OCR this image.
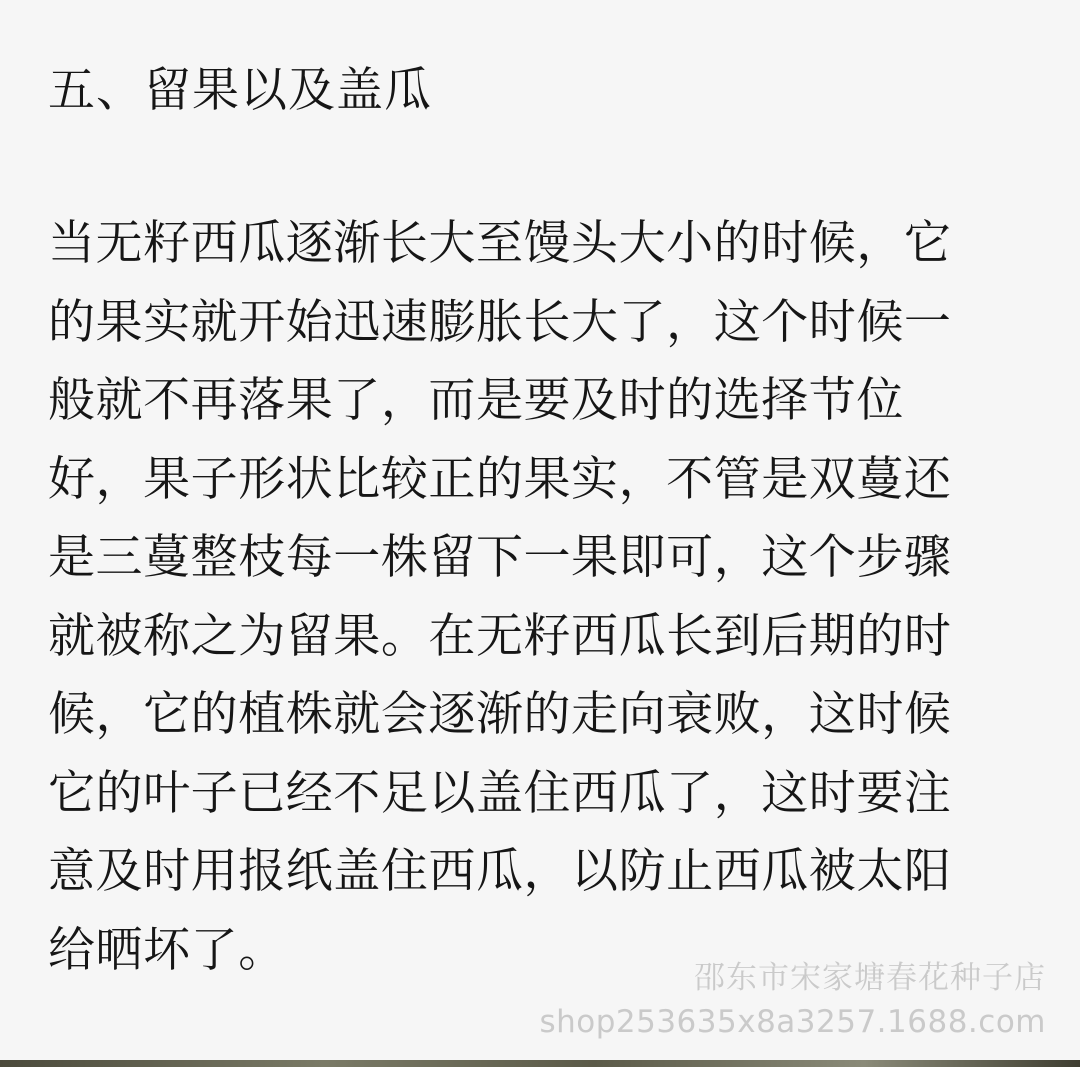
五、留果以及盖瓜
当无籽西瓜逐渐长大至馒头大小的时候，它
的果实就开始迅速膨胀长大了，这个时候一
般就不再落果了，而是要及时的选择节位
好，果子形状比较正的果实，不管是双蔓还
是三蔓整枝每一株留下一果即可，这个步骤
就被称之为留果。在无籽西瓜长到后期的时
候，它的植株就会逐渐的走向衰败，这时候
它的叶子已经不足以盖住西瓜了，这时要注
意及时用报纸盖住西瓜，以防止西瓜被太阳
给晒坏了。
邵东市宋家塘春花种子店
shop253635x8a3257.1688.com
